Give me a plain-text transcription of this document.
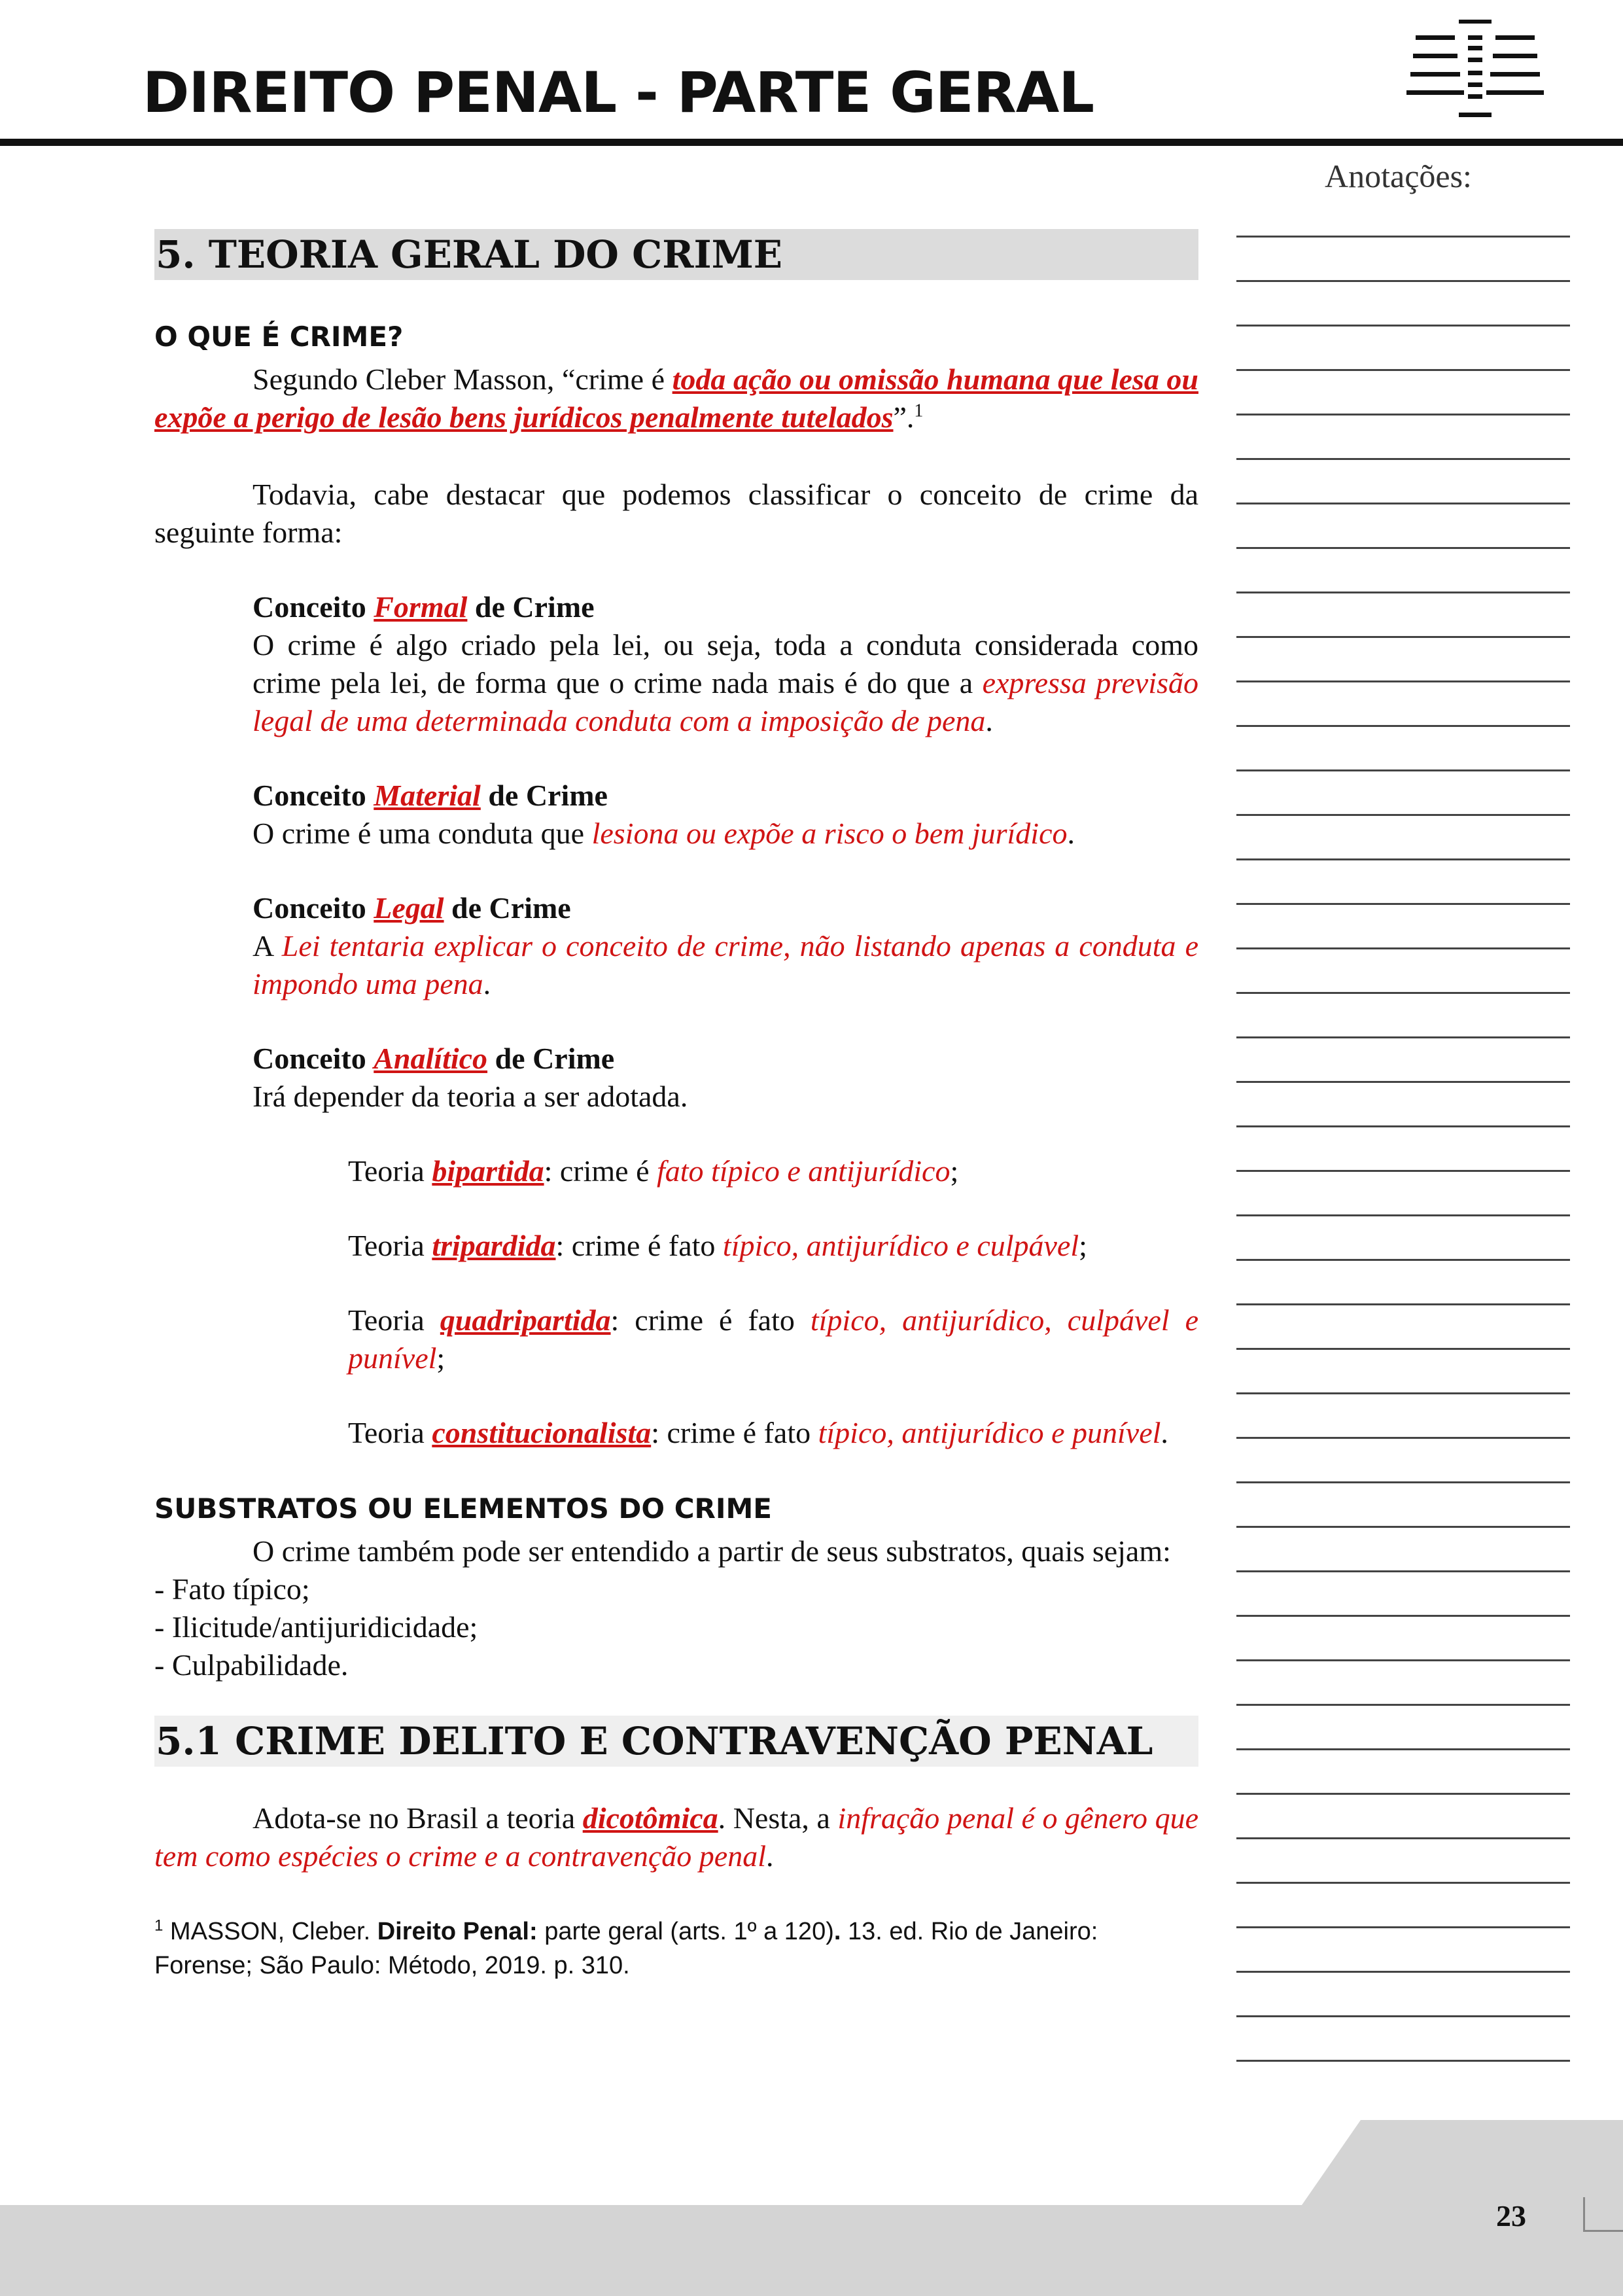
DIREITO PENAL - PARTE GERAL
Anotações:
5. TEORIA GERAL DO CRIME
O QUE É CRIME?

Segundo Cleber Masson, “crime é toda ação ou omissão humana que lesa ou expõe a perigo de lesão bens jurídicos penalmente tutelados”.$^1$

Todavia, cabe destacar que podemos classificar o conceito de crime da seguinte forma:

Conceito Formal de Crime

O crime é algo criado pela lei, ou seja, toda a conduta considerada como crime pela lei, de forma que o crime nada mais é do que a expressa previsão legal de uma determinada conduta com a imposição de pena.

Conceito Material de Crime

O crime é uma conduta que lesiona ou expõe a risco o bem jurídico.

Conceito Legal de Crime

A Lei tentaria explicar o conceito de crime, não listando apenas a conduta e impondo uma pena.

Conceito Analítico de Crime

Irá depender da teoria a ser adotada.

Teoria bipartida: crime é fato típico e antijurídico;

Teoria tripardida: crime é fato típico, antijurídico e culpável;

Teoria quadripartida: crime é fato típico, antijurídico, culpável e punível;

Teoria constitucionalista: crime é fato típico, antijurídico e punível.

SUBSTRATOS OU ELEMENTOS DO CRIME

O crime também pode ser entendido a partir de seus substratos, quais sejam:

- Fato típico;

- Ilicitude/antijuridicidade;

- Culpabilidade.

5.1 CRIME DELITO E CONTRAVENÇÃO PENAL

Adota-se no Brasil a teoria dicotômica. Nesta, a infração penal é o gênero que tem como espécies o crime e a contravenção penal.

$^1$ MASSON, Cleber. Direito Penal: parte geral (arts. 1º a 120). 13. ed. Rio de Janeiro: Forense; São Paulo: Método, 2019. p. 310.
23
